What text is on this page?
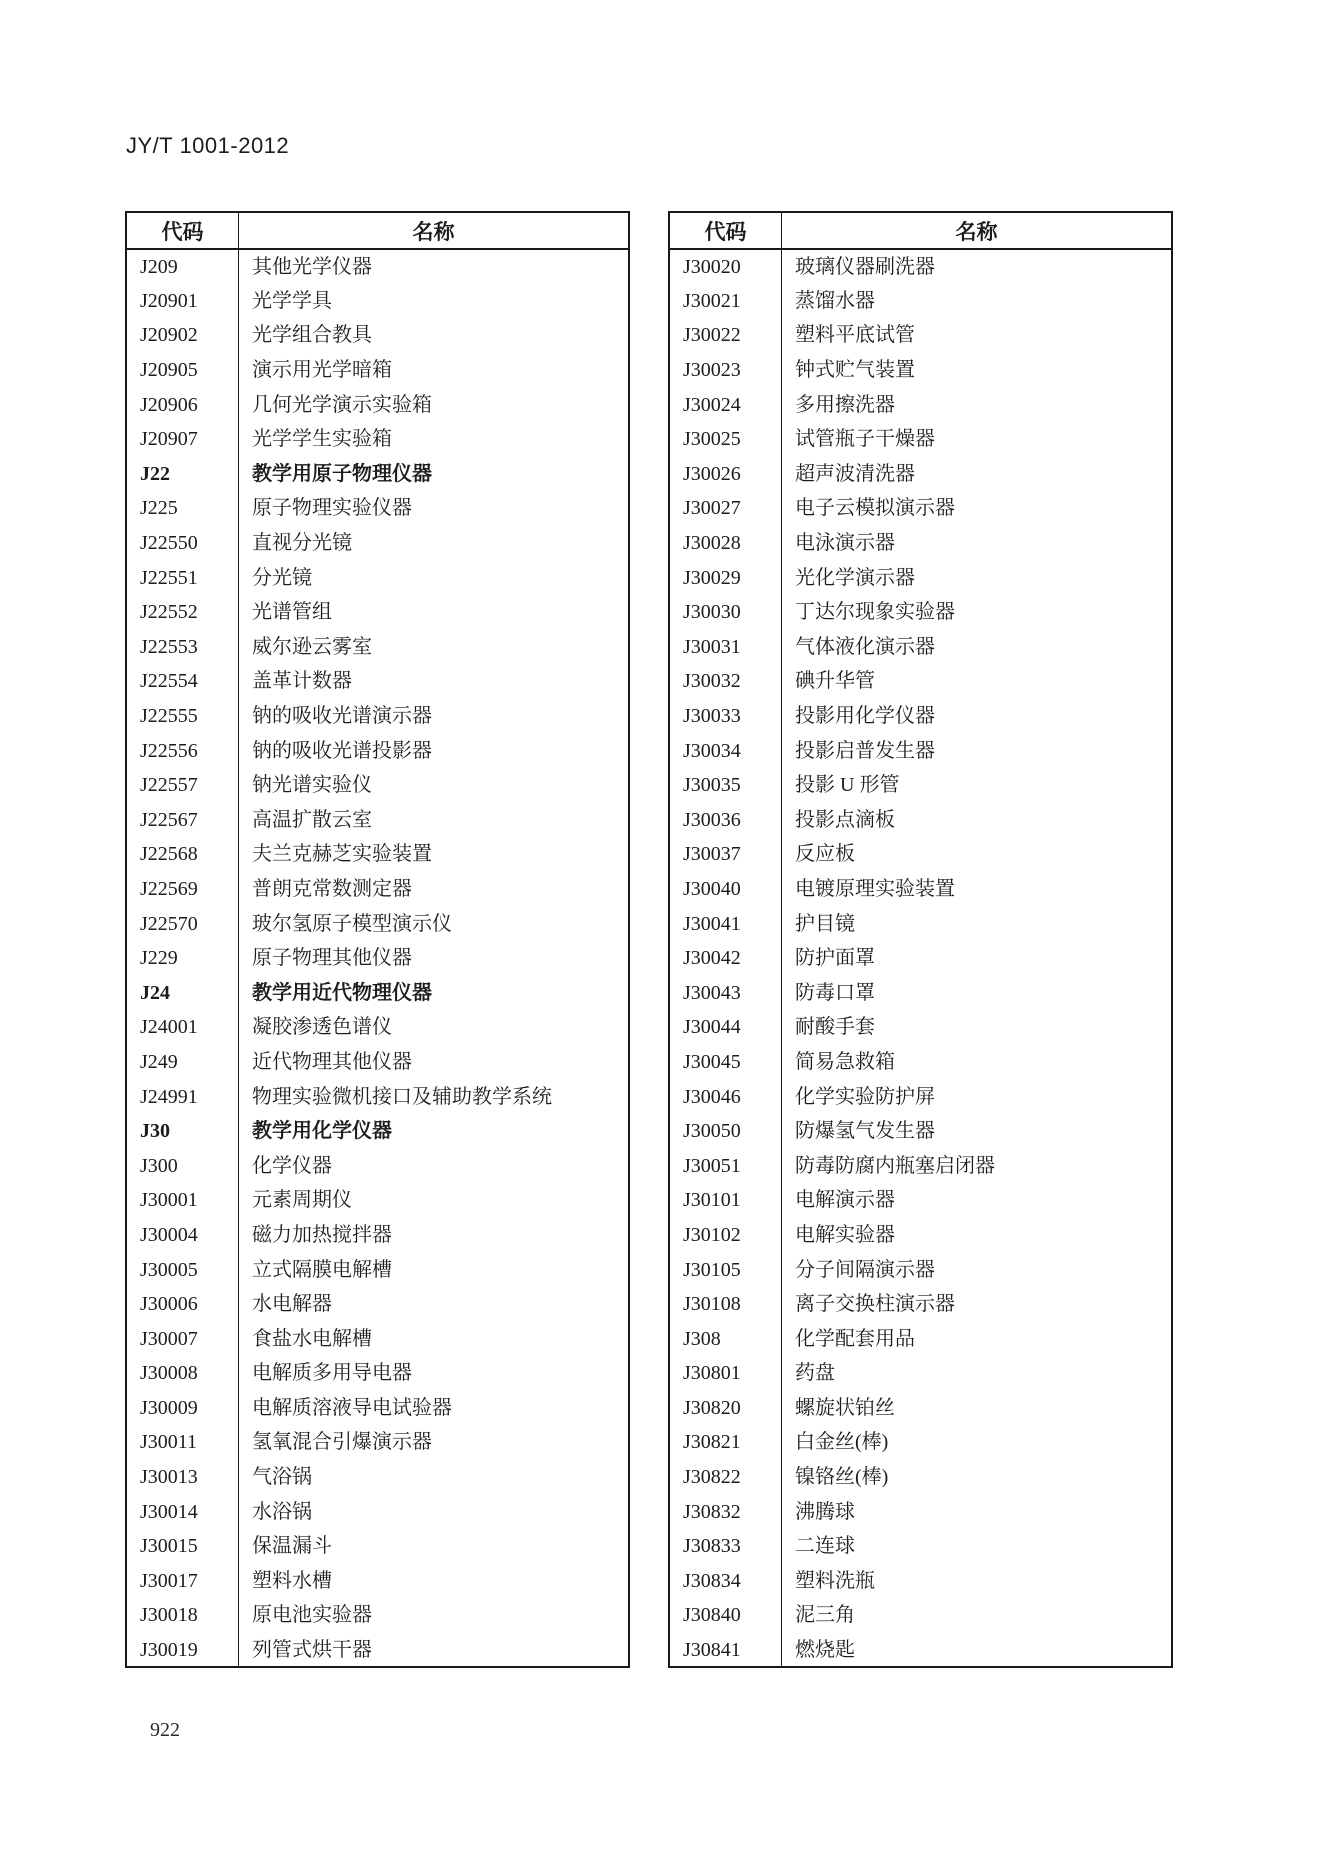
JY/T 1001-2012
代码	名称
J209	其他光学仪器
J20901	光学学具
J20902	光学组合教具
J20905	演示用光学暗箱
J20906	几何光学演示实验箱
J20907	光学学生实验箱
J22	教学用原子物理仪器
J225	原子物理实验仪器
J22550	直视分光镜
J22551	分光镜
J22552	光谱管组
J22553	威尔逊云雾室
J22554	盖革计数器
J22555	钠的吸收光谱演示器
J22556	钠的吸收光谱投影器
J22557	钠光谱实验仪
J22567	高温扩散云室
J22568	夫兰克赫芝实验装置
J22569	普朗克常数测定器
J22570	玻尔氢原子模型演示仪
J229	原子物理其他仪器
J24	教学用近代物理仪器
J24001	凝胶渗透色谱仪
J249	近代物理其他仪器
J24991	物理实验微机接口及辅助教学系统
J30	教学用化学仪器
J300	化学仪器
J30001	元素周期仪
J30004	磁力加热搅拌器
J30005	立式隔膜电解槽
J30006	水电解器
J30007	食盐水电解槽
J30008	电解质多用导电器
J30009	电解质溶液导电试验器
J30011	氢氧混合引爆演示器
J30013	气浴锅
J30014	水浴锅
J30015	保温漏斗
J30017	塑料水槽
J30018	原电池实验器
J30019	列管式烘干器
代码	名称
J30020	玻璃仪器刷洗器
J30021	蒸馏水器
J30022	塑料平底试管
J30023	钟式贮气装置
J30024	多用擦洗器
J30025	试管瓶子干燥器
J30026	超声波清洗器
J30027	电子云模拟演示器
J30028	电泳演示器
J30029	光化学演示器
J30030	丁达尔现象实验器
J30031	气体液化演示器
J30032	碘升华管
J30033	投影用化学仪器
J30034	投影启普发生器
J30035	投影 U 形管
J30036	投影点滴板
J30037	反应板
J30040	电镀原理实验装置
J30041	护目镜
J30042	防护面罩
J30043	防毒口罩
J30044	耐酸手套
J30045	简易急救箱
J30046	化学实验防护屏
J30050	防爆氢气发生器
J30051	防毒防腐内瓶塞启闭器
J30101	电解演示器
J30102	电解实验器
J30105	分子间隔演示器
J30108	离子交换柱演示器
J308	化学配套用品
J30801	药盘
J30820	螺旋状铂丝
J30821	白金丝(棒)
J30822	镍铬丝(棒)
J30832	沸腾球
J30833	二连球
J30834	塑料洗瓶
J30840	泥三角
J30841	燃烧匙
922
